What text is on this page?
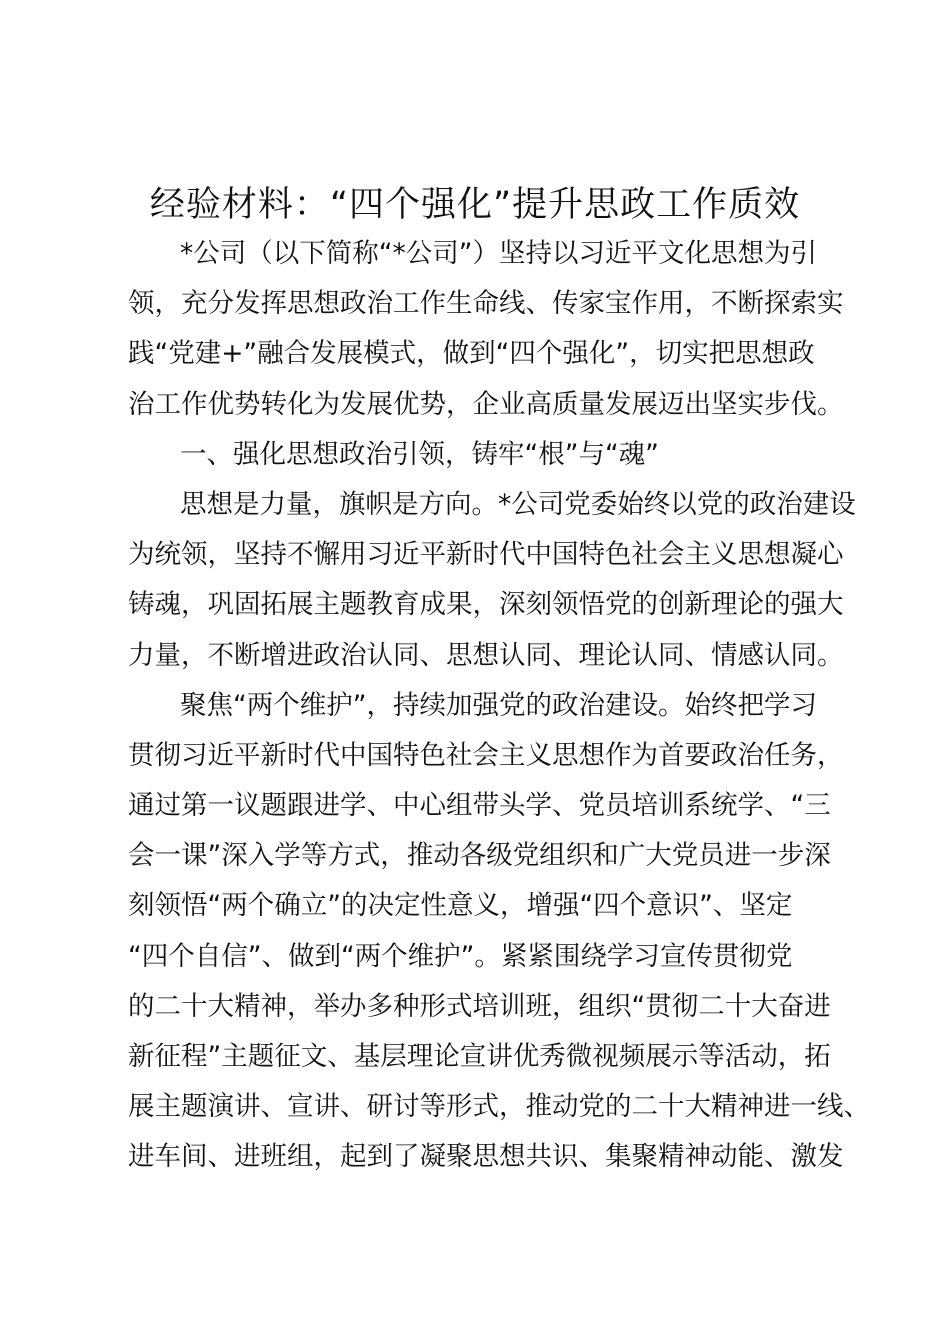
经验材料：“四个强化”提升思政工作质效
*公司（以下简称“*公司”）坚持以习近平文化思想为引
领，充分发挥思想政治工作生命线、传家宝作用，不断探索实
践“党建+”融合发展模式，做到“四个强化”，切实把思想政
治工作优势转化为发展优势，企业高质量发展迈出坚实步伐。
一、强化思想政治引领，铸牢“根”与“魂”
思想是力量，旗帜是方向。*公司党委始终以党的政治建设
为统领，坚持不懈用习近平新时代中国特色社会主义思想凝心
铸魂，巩固拓展主题教育成果，深刻领悟党的创新理论的强大
力量，不断增进政治认同、思想认同、理论认同、情感认同。
聚焦“两个维护”，持续加强党的政治建设。始终把学习
贯彻习近平新时代中国特色社会主义思想作为首要政治任务，
通过第一议题跟进学、中心组带头学、党员培训系统学、“三
会一课”深入学等方式，推动各级党组织和广大党员进一步深
刻领悟“两个确立”的决定性意义，增强“四个意识”、坚定
“四个自信”、做到“两个维护”。紧紧围绕学习宣传贯彻党
的二十大精神，举办多种形式培训班，组织“贯彻二十大奋进
新征程”主题征文、基层理论宣讲优秀微视频展示等活动，拓
展主题演讲、宣讲、研讨等形式，推动党的二十大精神进一线、
进车间、进班组，起到了凝聚思想共识、集聚精神动能、激发
